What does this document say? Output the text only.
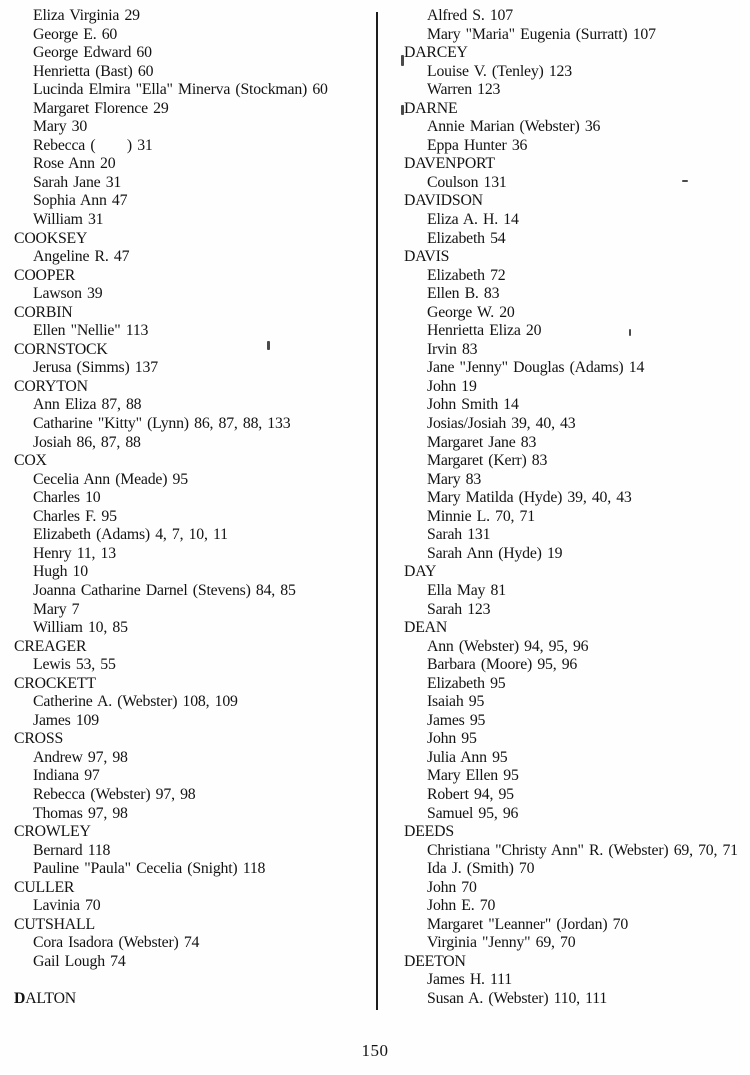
Eliza Virginia 29
George E. 60
George Edward 60
Henrietta (Bast) 60
Lucinda Elmira "Ella" Minerva (Stockman) 60
Margaret Florence 29
Mary 30
Rebecca (      ) 31
Rose Ann 20
Sarah Jane 31
Sophia Ann 47
William 31
COOKSEY
Angeline R. 47
COOPER
Lawson 39
CORBIN
Ellen "Nellie" 113
CORNSTOCK
Jerusa (Simms) 137
CORYTON
Ann Eliza 87, 88
Catharine "Kitty" (Lynn) 86, 87, 88, 133
Josiah 86, 87, 88
COX
Cecelia Ann (Meade) 95
Charles 10
Charles F. 95
Elizabeth (Adams) 4, 7, 10, 11
Henry 11, 13
Hugh 10
Joanna Catharine Darnel (Stevens) 84, 85
Mary 7
William 10, 85
CREAGER
Lewis 53, 55
CROCKETT
Catherine A. (Webster) 108, 109
James 109
CROSS
Andrew 97, 98
Indiana 97
Rebecca (Webster) 97, 98
Thomas 97, 98
CROWLEY
Bernard 118
Pauline "Paula" Cecelia (Snight) 118
CULLER
Lavinia 70
CUTSHALL
Cora Isadora (Webster) 74
Gail Lough 74
DALTON
Alfred S. 107
Mary "Maria" Eugenia (Surratt) 107
DARCEY
Louise V. (Tenley) 123
Warren 123
DARNE
Annie Marian (Webster) 36
Eppa Hunter 36
DAVENPORT
Coulson 131
DAVIDSON
Eliza A. H. 14
Elizabeth 54
DAVIS
Elizabeth 72
Ellen B. 83
George W. 20
Henrietta Eliza 20
Irvin 83
Jane "Jenny" Douglas (Adams) 14
John 19
John Smith 14
Josias/Josiah 39, 40, 43
Margaret Jane 83
Margaret (Kerr) 83
Mary 83
Mary Matilda (Hyde) 39, 40, 43
Minnie L. 70, 71
Sarah 131
Sarah Ann (Hyde) 19
DAY
Ella May 81
Sarah 123
DEAN
Ann (Webster) 94, 95, 96
Barbara (Moore) 95, 96
Elizabeth 95
Isaiah 95
James 95
John 95
Julia Ann 95
Mary Ellen 95
Robert 94, 95
Samuel 95, 96
DEEDS
Christiana "Christy Ann" R. (Webster) 69, 70, 71
Ida J. (Smith) 70
John 70
John E. 70
Margaret "Leanner" (Jordan) 70
Virginia "Jenny" 69, 70
DEETON
James H. 111
Susan A. (Webster) 110, 111
150
